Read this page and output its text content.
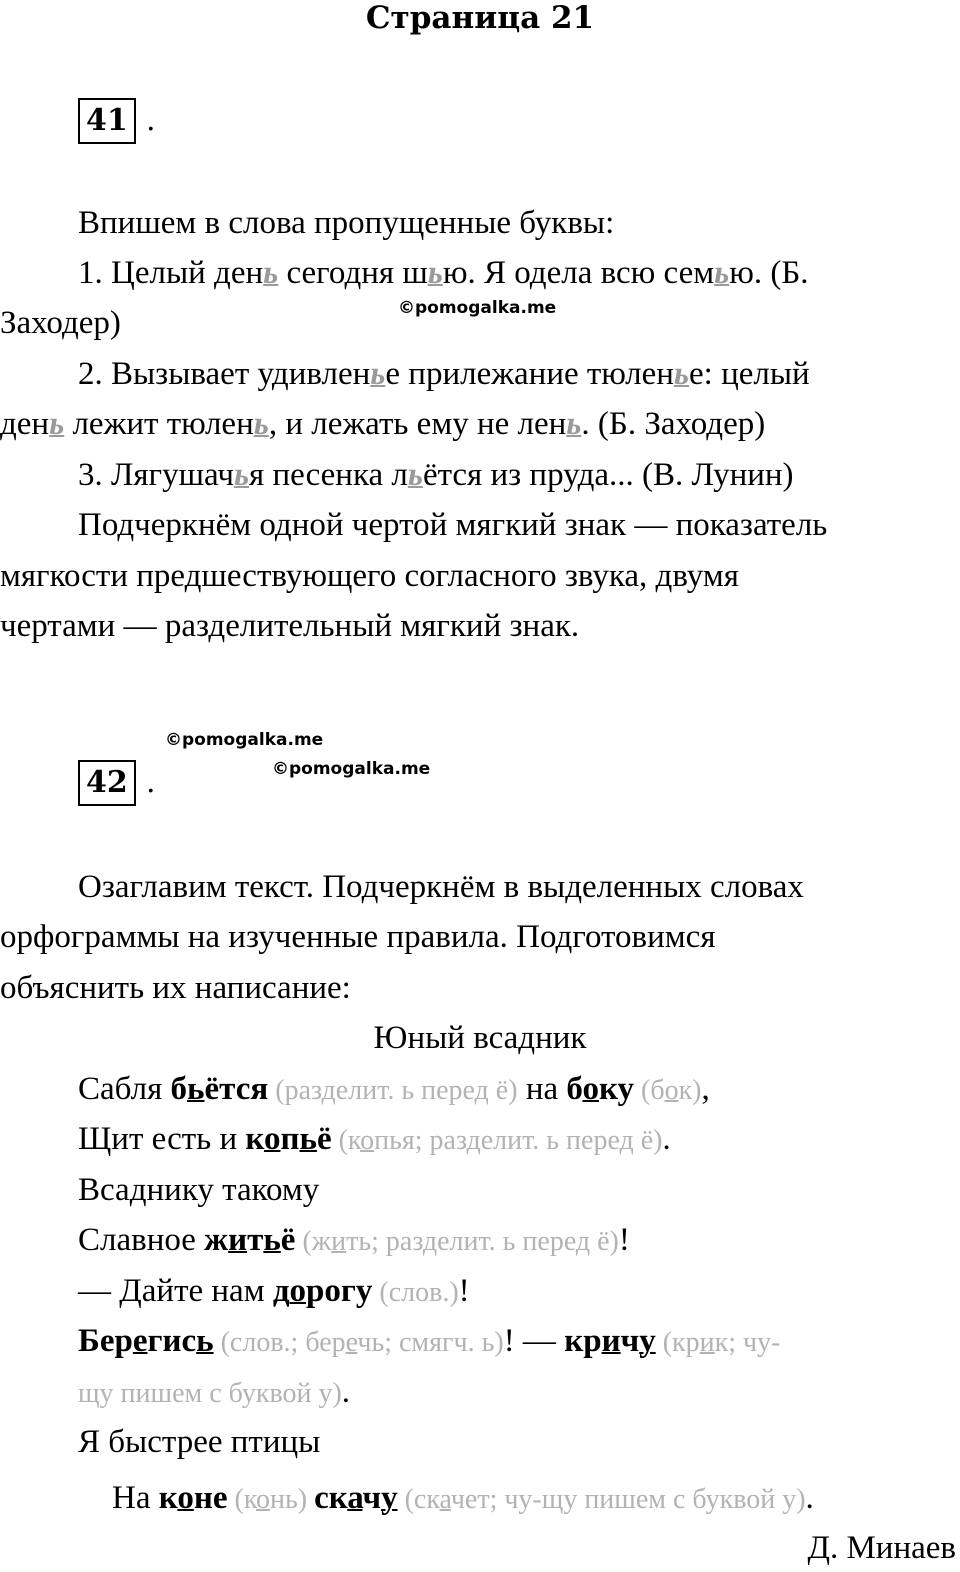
Страница 21
41 .
Впишем в слова пропущенные буквы:
1. Целый день сегодня шью. Я одела всю семью. (Б.
Заходер)	©pomogalka.me
2. Вызывает удивленье прилежание тюленье: целый
день лежит тюлень, и лежать ему не лень. (Б. Заходер)
3. Лягушачья песенка льётся из пруда... (В. Лунин)
Подчеркнём одной чертой мягкий знак — показатель
мягкости предшествующего согласного звука, двумя
чертами — разделительный мягкий знак.
©pomogalka.me
42 .	©pomogalka.me
Озаглавим текст. Подчеркнём в выделенных словах
орфограммы на изученные правила. Подготовимся
объяснить их написание:
Юный всадник
Сабля бьётся (разделит. ь перед ё) на боку (бок),
Щит есть и копьё (копья; разделит. ь перед ё).
Всаднику такому
Славное житьё (жить; разделит. ь перед ё)!
— Дайте нам дорогу (слов.)!
Берегись (слов.; беречь; смягч. ь)! — кричу (крик; чу-
щу пишем с буквой у).
Я быстрее птицы
На коне (конь) скачу (скачет; чу-щу пишем с буквой у).
Д. Минаев
